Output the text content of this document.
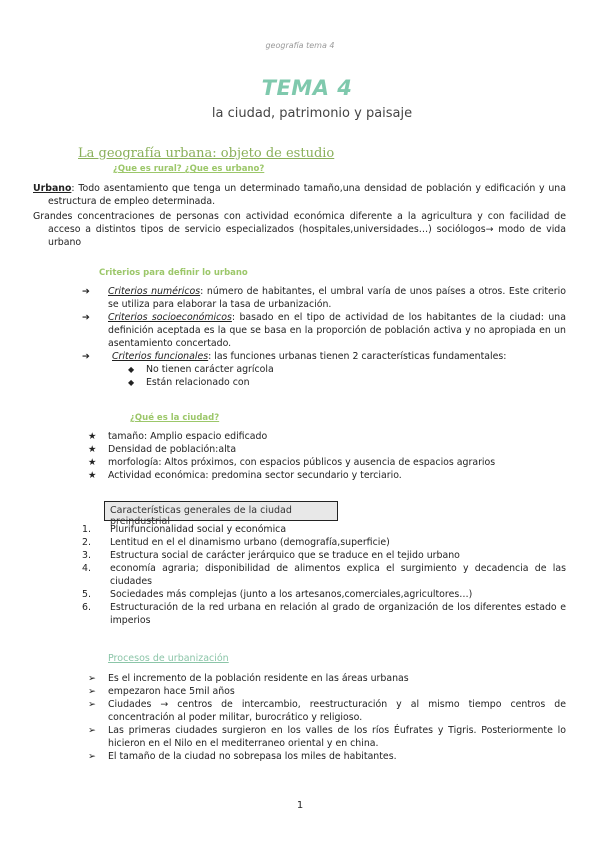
geografía tema 4
TEMA 4
la ciudad, patrimonio y paisaje
La geografía urbana: objeto de estudio
¿Que es rural? ¿Que es urbano?
Urbano: Todo asentamiento que tenga un determinado tamaño,una densidad de población y edificación y una estructura de empleo determinada.
Grandes concentraciones de personas con actividad económica diferente a la agricultura y con facilidad de acceso a distintos tipos de servicio especializados (hospitales,universidades…) sociólogos→ modo de vida urbano
Criterios para definir lo urbano
➔ Criterios numéricos: número de habitantes, el umbral varía de unos países a otros. Este criterio se utiliza para elaborar la tasa de urbanización.
➔ Criterios socioeconómicos: basado en el tipo de actividad de los habitantes de la ciudad: una definición aceptada es la que se basa en la proporción de población activa y no apropiada en un asentamiento concertado.
➔ Criterios funcionales: las funciones urbanas tienen 2 características fundamentales:
◆ No tienen carácter agrícola
◆ Están relacionado con
¿Qué es la ciudad?
★ tamaño: Amplio espacio edificado
★ Densidad de población:alta
★ morfología: Altos próximos, con espacios públicos y ausencia de espacios agrarios
★ Actividad económica: predomina sector secundario y terciario.
Características generales de la ciudad preindustrial
1. Plurifuncionalidad social y económica
2. Lentitud en el el dinamismo urbano (demografía,superficie)
3. Estructura social de carácter jerárquico que se traduce en el tejido urbano
4. economía agraria; disponibilidad de alimentos explica el surgimiento y decadencia de las ciudades
5. Sociedades más complejas (junto a los artesanos,comerciales,agricultores…)
6. Estructuración de la red urbana en relación al grado de organización de los diferentes estado e imperios
Procesos de urbanización
➢ Es el incremento de la población residente en las áreas urbanas
➢ empezaron hace 5mil años
➢ Ciudades → centros de intercambio, reestructuración y al mismo tiempo centros de concentración al poder militar, burocrático y religioso.
➢ Las primeras ciudades surgieron en los valles de los ríos Éufrates y Tigris. Posteriormente lo hicieron en el Nilo en el mediterraneo oriental y en china.
➢ El tamaño de la ciudad no sobrepasa los miles de habitantes.
1
